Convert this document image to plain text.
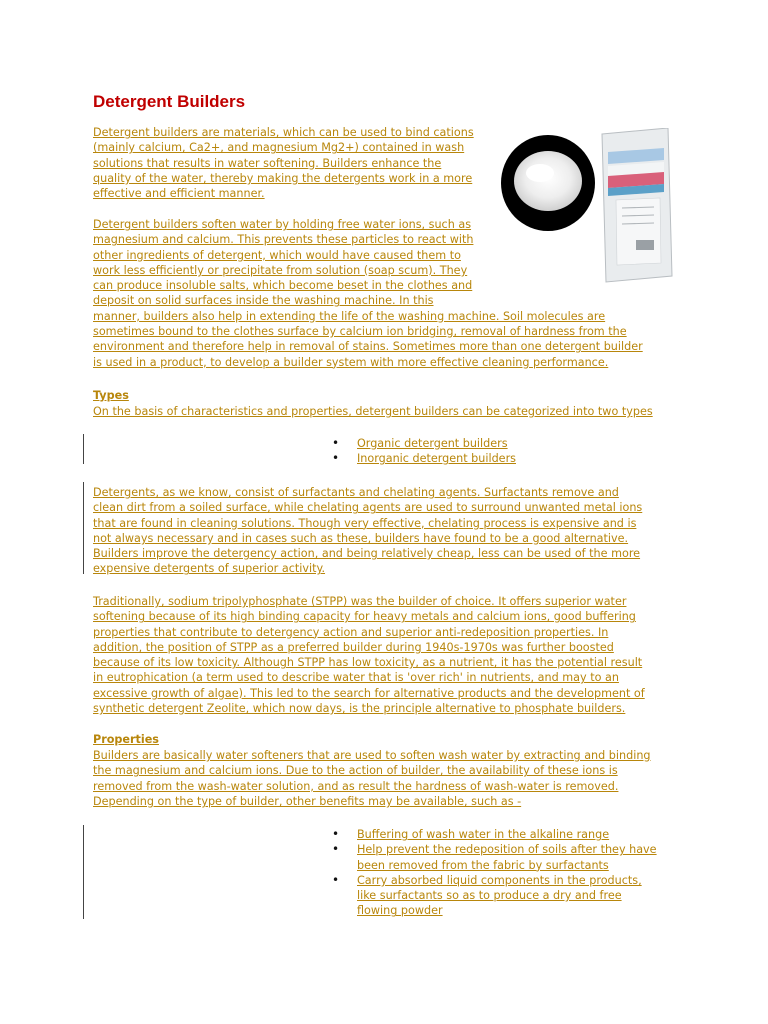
Detergent Builders
Detergent builders are materials, which can be used to bind cations
(mainly calcium, Ca2+, and magnesium Mg2+) contained in wash
solutions that results in water softening. Builders enhance the
quality of the water, thereby making the detergents work in a more
effective and efficient manner.
Detergent builders soften water by holding free water ions, such as
magnesium and calcium. This prevents these particles to react with
other ingredients of detergent, which would have caused them to
work less efficiently or precipitate from solution (soap scum). They
can produce insoluble salts, which become beset in the clothes and
deposit on solid surfaces inside the washing machine. In this
manner, builders also help in extending the life of the washing machine. Soil molecules are
sometimes bound to the clothes surface by calcium ion bridging, removal of hardness from the
environment and therefore help in removal of stains. Sometimes more than one detergent builder
is used in a product, to develop a builder system with more effective cleaning performance.
Types
On the basis of characteristics and properties, detergent builders can be categorized into two types
• Organic detergent builders
• Inorganic detergent builders
Detergents, as we know, consist of surfactants and chelating agents. Surfactants remove and
clean dirt from a soiled surface, while chelating agents are used to surround unwanted metal ions
that are found in cleaning solutions. Though very effective, chelating process is expensive and is
not always necessary and in cases such as these, builders have found to be a good alternative.
Builders improve the detergency action, and being relatively cheap, less can be used of the more
expensive detergents of superior activity.
Traditionally, sodium tripolyphosphate (STPP) was the builder of choice. It offers superior water
softening because of its high binding capacity for heavy metals and calcium ions, good buffering
properties that contribute to detergency action and superior anti-redeposition properties. In
addition, the position of STPP as a preferred builder during 1940s-1970s was further boosted
because of its low toxicity. Although STPP has low toxicity, as a nutrient, it has the potential result
in eutrophication (a term used to describe water that is 'over rich' in nutrients, and may to an
excessive growth of algae). This led to the search for alternative products and the development of
synthetic detergent Zeolite, which now days, is the principle alternative to phosphate builders.
Properties
Builders are basically water softeners that are used to soften wash water by extracting and binding
the magnesium and calcium ions. Due to the action of builder, the availability of these ions is
removed from the wash-water solution, and as result the hardness of wash-water is removed.
Depending on the type of builder, other benefits may be available, such as -
• Buffering of wash water in the alkaline range
• Help prevent the redeposition of soils after they have
been removed from the fabric by surfactants
• Carry absorbed liquid components in the products,
like surfactants so as to produce a dry and free
flowing powder
